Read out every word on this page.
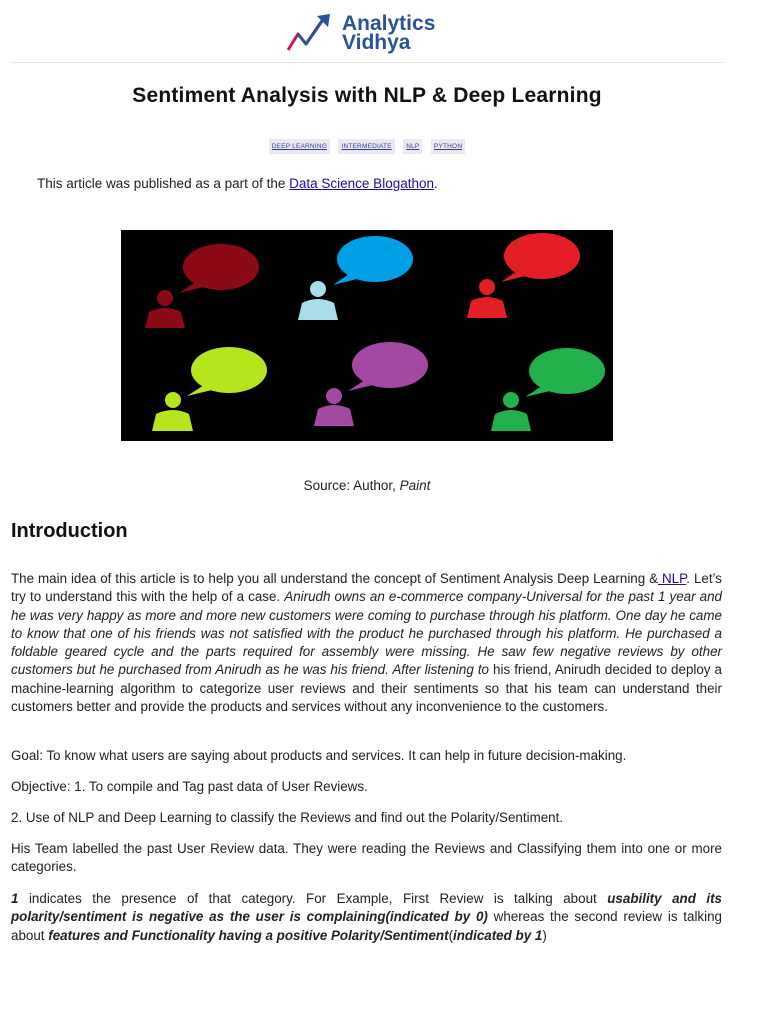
Analytics
Vidhya
Sentiment Analysis with NLP & Deep Learning
DEEP LEARNING INTERMEDIATE NLP PYTHON
This article was published as a part of the Data Science Blogathon.
Source: Author, Paint
Introduction

The main idea of this article is to help you all understand the concept of Sentiment Analysis Deep Learning & NLP. Let’s try to understand this with the help of a case. Anirudh owns an e-commerce company-Universal for the past 1 year and he was very happy as more and more new customers were coming to purchase through his platform. One day he came to know that one of his friends was not satisfied with the product he purchased through his platform. He purchased a foldable geared cycle and the parts required for assembly were missing. He saw few negative reviews by other customers but he purchased from Anirudh as he was his friend. After listening to his friend, Anirudh decided to deploy a machine-learning algorithm to categorize user reviews and their sentiments so that his team can understand their customers better and provide the products and services without any inconvenience to the customers.

Goal: To know what users are saying about products and services. It can help in future decision-making.

Objective: 1. To compile and Tag past data of User Reviews.

2. Use of NLP and Deep Learning to classify the Reviews and find out the Polarity/Sentiment.

His Team labelled the past User Review data. They were reading the Reviews and Classifying them into one or more categories.

1 indicates the presence of that category. For Example, First Review is talking about usability and its polarity/sentiment is negative as the user is complaining(indicated by 0) whereas the second review is talking about features and Functionality having a positive Polarity/Sentiment(indicated by 1)
